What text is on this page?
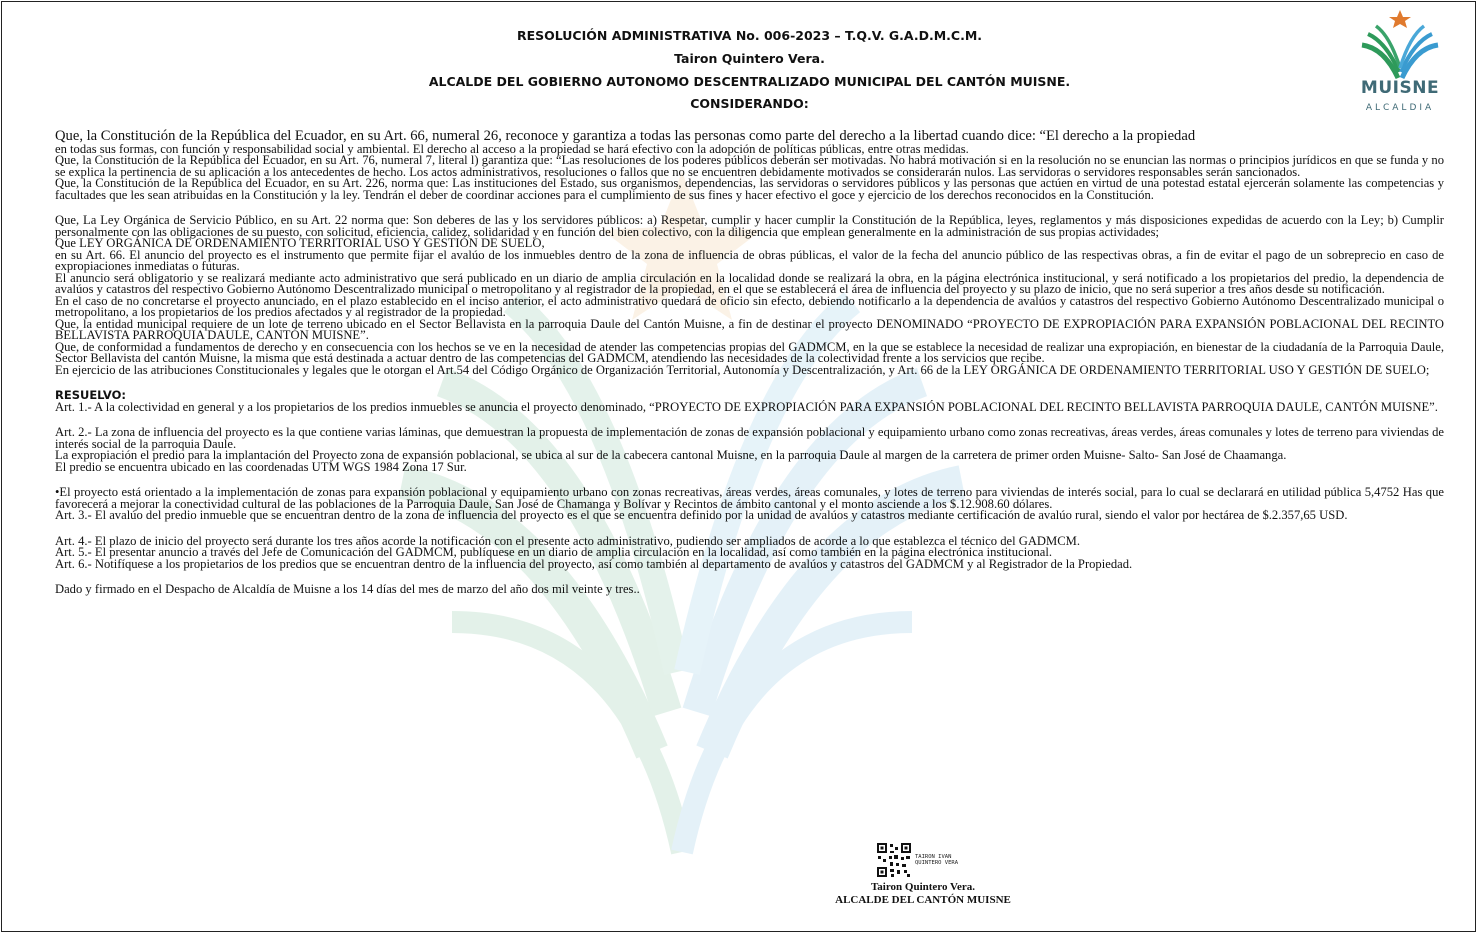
RESOLUCIÓN ADMINISTRATIVA No. 006-2023 – T.Q.V. G.A.D.M.C.M.
Tairon Quintero Vera.
ALCALDE DEL GOBIERNO AUTONOMO DESCENTRALIZADO MUNICIPAL DEL CANTÓN MUISNE.
CONSIDERANDO:
MUISNE
ALCALDIA

Que, la Constitución de la República del Ecuador, en su Art. 66, numeral 26, reconoce y garantiza a todas las personas como parte del derecho a la libertad cuando dice: “El derecho a la propiedad

en todas sus formas, con función y responsabilidad social y ambiental. El derecho al acceso a la propiedad se hará efectivo con la adopción de políticas públicas, entre otras medidas.

Que, la Constitución de la República del Ecuador, en su Art. 76, numeral 7, literal l) garantiza que: “Las resoluciones de los poderes públicos deberán ser motivadas. No habrá motivación si en la resolución no se enuncian las normas o principios jurídicos en que se funda y no se explica la pertinencia de su aplicación a los antecedentes de hecho. Los actos administrativos, resoluciones o fallos que no se encuentren debidamente motivados se considerarán nulos. Las servidoras o servidores responsables serán sancionados.

Que, la Constitución de la República del Ecuador, en su Art. 226, norma que: Las instituciones del Estado, sus organismos, dependencias, las servidoras o servidores públicos y las personas que actúen en virtud de una potestad estatal ejercerán solamente las competencias y facultades que les sean atribuidas en la Constitución y la ley. Tendrán el deber de coordinar acciones para el cumplimiento de sus fines y hacer efectivo el goce y ejercicio de los derechos reconocidos en la Constitución.

Que, La Ley Orgánica de Servicio Público, en su Art. 22 norma que: Son deberes de las y los servidores públicos: a) Respetar, cumplir y hacer cumplir la Constitución de la República, leyes, reglamentos y más disposiciones expedidas de acuerdo con la Ley; b) Cumplir personalmente con las obligaciones de su puesto, con solicitud, eficiencia, calidez, solidaridad y en función del bien colectivo, con la diligencia que emplean generalmente en la administración de sus propias actividades;

Que LEY ORGÁNICA DE ORDENAMIENTO TERRITORIAL USO Y GESTIÓN DE SUELO,

en su Art. 66. El anuncio del proyecto es el instrumento que permite fijar el avalúo de los inmuebles dentro de la zona de influencia de obras públicas, el valor de la fecha del anuncio público de las respectivas obras, a fin de evitar el pago de un sobreprecio en caso de expropiaciones inmediatas o futuras.

El anuncio será obligatorio y se realizará mediante acto administrativo que será publicado en un diario de amplia circulación en la localidad donde se realizará la obra, en la página electrónica institucional, y será notificado a los propietarios del predio, la dependencia de avalúos y catastros del respectivo Gobierno Autónomo Descentralizado municipal o metropolitano y al registrador de la propiedad, en el que se establecerá el área de influencia del proyecto y su plazo de inicio, que no será superior a tres años desde su notificación.

En el caso de no concretarse el proyecto anunciado, en el plazo establecido en el inciso anterior, el acto administrativo quedará de oficio sin efecto, debiendo notificarlo a la dependencia de avalúos y catastros del respectivo Gobierno Autónomo Descentralizado municipal o metropolitano, a los propietarios de los predios afectados y al registrador de la propiedad.

Que, la entidad municipal requiere de un lote de terreno ubicado en el Sector Bellavista en la parroquia Daule del Cantón Muisne, a fin de destinar el proyecto DENOMINADO “PROYECTO DE EXPROPIACIÓN PARA EXPANSIÓN POBLACIONAL DEL RECINTO BELLAVISTA PARROQUIA DAULE, CANTÓN MUISNE”.

Que, de conformidad a fundamentos de derecho y en consecuencia con los hechos se ve en la necesidad de atender las competencias propias del GADMCM, en la que se establece la necesidad de realizar una expropiación, en bienestar de la ciudadanía de la Parroquia Daule, Sector Bellavista del cantón Muisne, la misma que está destinada a actuar dentro de las competencias del GADMCM, atendiendo las necesidades de la colectividad frente a los servicios que recibe.

En ejercicio de las atribuciones Constitucionales y legales que le otorgan el Art.54 del Código Orgánico de Organización Territorial, Autonomía y Descentralización, y Art. 66 de la LEY ORGÁNICA DE ORDENAMIENTO TERRITORIAL USO Y GESTIÓN DE SUELO;

RESUELVO:

Art. 1.- A la colectividad en general y a los propietarios de los predios inmuebles se anuncia el proyecto denominado, “PROYECTO DE EXPROPIACIÓN PARA EXPANSIÓN POBLACIONAL DEL RECINTO BELLAVISTA PARROQUIA DAULE, CANTÓN MUISNE”.

Art. 2.- La zona de influencia del proyecto es la que contiene varias láminas, que demuestran la propuesta de implementación de zonas de expansión poblacional y equipamiento urbano como zonas recreativas, áreas verdes, áreas comunales y lotes de terreno para viviendas de interés social de la parroquia Daule.

La expropiación el predio para la implantación del Proyecto zona de expansión poblacional, se ubica al sur de la cabecera cantonal Muisne, en la parroquia Daule al margen de la carretera de primer orden Muisne- Salto- San José de Chaamanga.

El predio se encuentra ubicado en las coordenadas UTM WGS 1984 Zona 17 Sur.

•El proyecto está orientado a la implementación de zonas para expansión poblacional y equipamiento urbano con zonas recreativas, áreas verdes, áreas comunales, y lotes de terreno para viviendas de interés social, para lo cual se declarará en utilidad pública 5,4752 Has que favorecerá a mejorar la conectividad cultural de las poblaciones de la Parroquia Daule, San José de Chamanga y Bolívar y Recintos de ámbito cantonal y el monto asciende a los $.12.908.60 dólares.

Art. 3.- El avalúo del predio inmueble que se encuentran dentro de la zona de influencia del proyecto es el que se encuentra definido por la unidad de avalúos y catastros mediante certificación de avalúo rural, siendo el valor por hectárea de $.2.357,65 USD.

Art. 4.- El plazo de inicio del proyecto será durante los tres años acorde la notificación con el presente acto administrativo, pudiendo ser ampliados de acorde a lo que establezca el técnico del GADMCM.

Art. 5.- El presentar anuncio a través del Jefe de Comunicación del GADMCM, publíquese en un diario de amplia circulación en la localidad, así como también en la página electrónica institucional.

Art. 6.- Notifíquese a los propietarios de los predios que se encuentran dentro de la influencia del proyecto, así como también al departamento de avalúos y catastros del GADMCM y al Registrador de la Propiedad.

Dado y firmado en el Despacho de Alcaldía de Muisne a los 14 días del mes de marzo del año dos mil veinte y tres..

TAIRON IVAN
QUINTERO VERA
Tairon Quintero Vera.
ALCALDE DEL CANTÓN MUISNE
